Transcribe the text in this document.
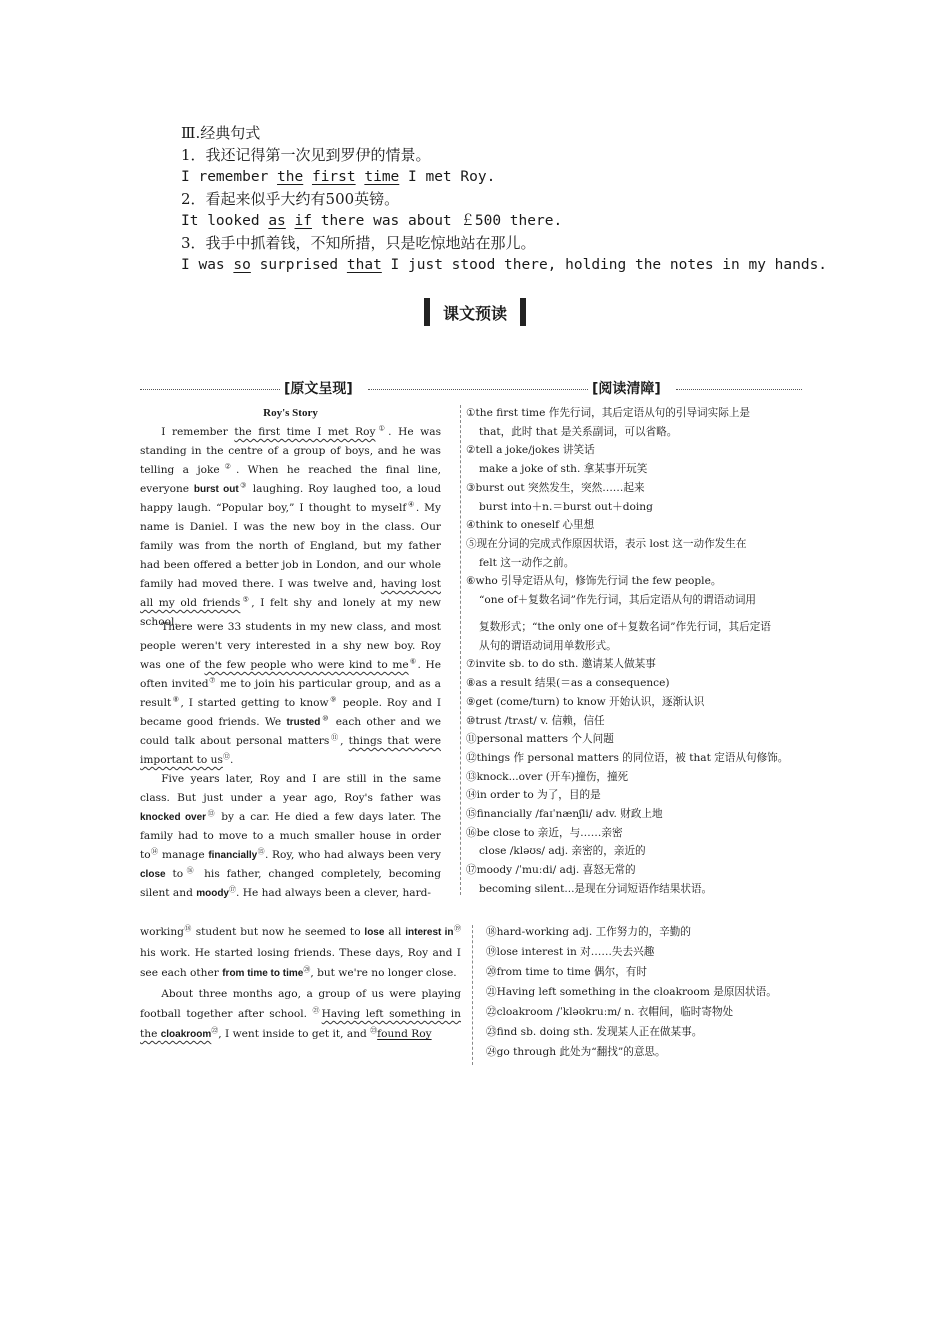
Ⅲ.经典句式
1．我还记得第一次见到罗伊的情景。
I remember the first time I met Roy.
2．看起来似乎大约有500英镑。
It looked as if there was about ￡500 there.
3．我手中抓着钱，不知所措，只是吃惊地站在那儿。
I was so surprised that I just stood there, holding the notes in my hands.
课文预读
[原文呈现]	[阅读清障]
Roy's Story

I remember the first time I met Roy①. He was standing in the centre of a group of boys, and he was telling a joke②. When he reached the final line, everyone burst out③ laughing. Roy laughed too, a loud happy laugh. “Popular boy,” I thought to myself④. My name is Daniel. I was the new boy in the class. Our family was from the north of England, but my father had been offered a better job in London, and our whole family had moved there. I was twelve and, having lost all my old friends⑤, I felt shy and lonely at my new school.

There were 33 students in my new class, and most people weren't very interested in a shy new boy. Roy was one of the few people who were kind to me⑥. He often invited⑦ me to join his particular group, and as a result⑧, I started getting to know⑨ people. Roy and I became good friends. We trusted⑩ each other and we could talk about personal matters⑪, things that were important to us⑫.

Five years later, Roy and I are still in the same class. But just under a year ago, Roy's father was knocked over⑬ by a car. He died a few days later. The family had to move to a much smaller house in order to⑭ manage financially⑮. Roy, who had always been very close to⑯ his father, changed completely, becoming silent and moody⑰. He had always been a clever, hard-

working⑱ student but now he seemed to lose all interest in⑲ his work. He started losing friends. These days, Roy and I see each other from time to time⑳, but we're no longer close.

About three months ago, a group of us were playing football together after school. $^㉑$Having left something in the cloakroom$^㉒$, I went inside to get it, and $^㉓$found Roy

①the first time 作先行词，其后定语从句的引导词实际上是
that，此时 that 是关系副词，可以省略。
②tell a joke/jokes 讲笑话
make a joke of sth. 拿某事开玩笑
③burst out 突然发生，突然……起来
burst into＋n.＝burst out＋doing
④think to oneself 心里想
⑤现在分词的完成式作原因状语，表示 lost 这一动作发生在
felt 这一动作之前。
⑥who 引导定语从句，修饰先行词 the few people。
“one of＋复数名词”作先行词，其后定语从句的谓语动词用
复数形式；“the only one of＋复数名词”作先行词，其后定语
从句的谓语动词用单数形式。
⑦invite sb. to do sth. 邀请某人做某事
⑧as a result 结果(＝as a consequence)
⑨get (come/turn) to know 开始认识，逐渐认识
⑩trust /trʌst/ v. 信赖，信任
⑪personal matters 个人问题
⑫things 作 personal matters 的同位语，被 that 定语从句修饰。
⑬knock...over (开车)撞伤，撞死
⑭in order to 为了，目的是
⑮financially /faɪˈnænʃli/ adv. 财政上地
⑯be close to 亲近，与……亲密
close /kləʊs/ adj. 亲密的，亲近的
⑰moody /ˈmuːdi/ adj. 喜怒无常的
becoming silent...是现在分词短语作结果状语。
⑱hard-working adj. 工作努力的，辛勤的
⑲lose interest in 对……失去兴趣
⑳from time to time 偶尔，有时
㉑Having left something in the cloakroom 是原因状语。
㉒cloakroom /ˈkləʊkruːm/ n. 衣帽间，临时寄物处
㉓find sb. doing sth. 发现某人正在做某事。
㉔go through 此处为“翻找”的意思。
